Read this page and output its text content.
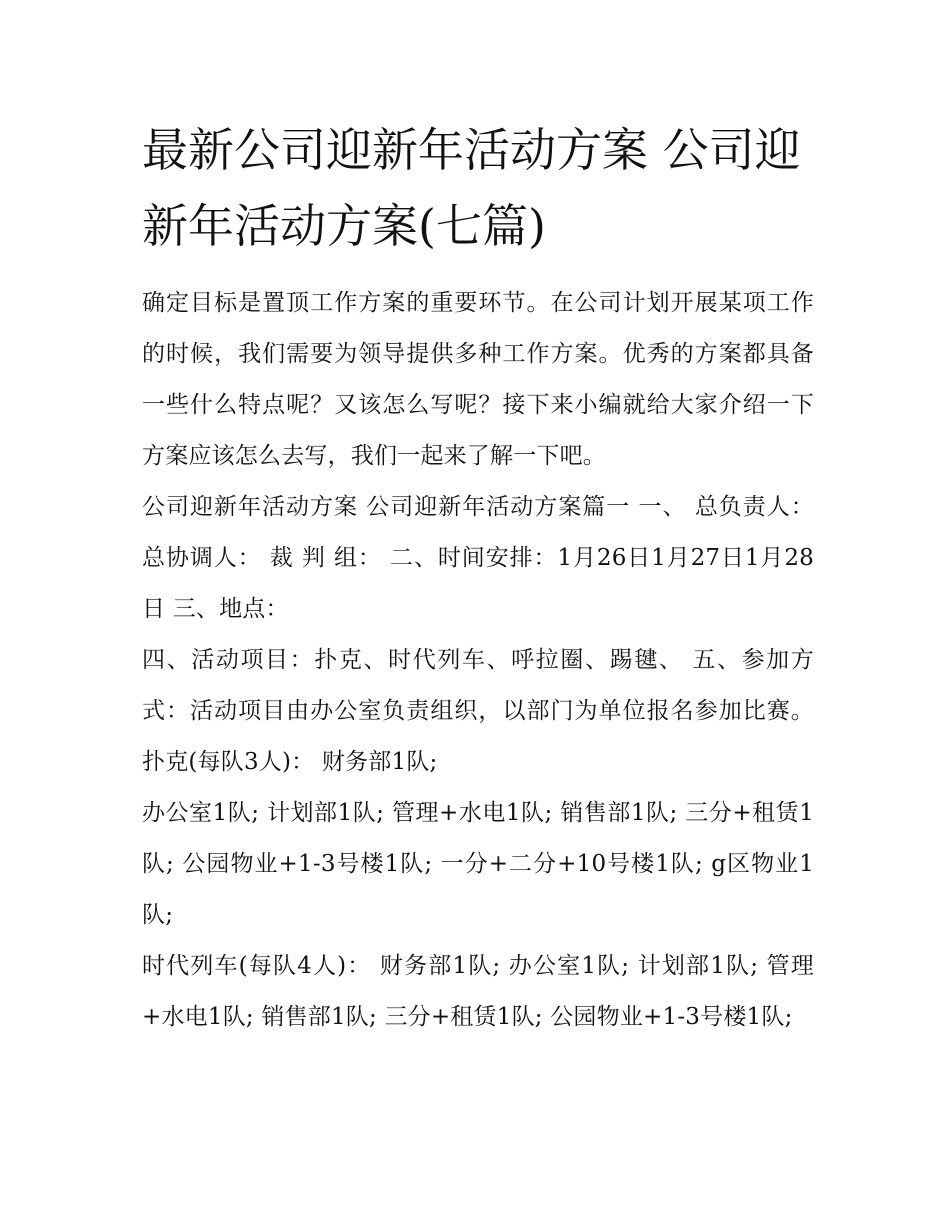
最新公司迎新年活动方案 公司迎新年活动方案(七篇)

确定目标是置顶工作方案的重要环节。在公司计划开展某项工作的时候，我们需要为领导提供多种工作方案。优秀的方案都具备一些什么特点呢？又该怎么写呢？接下来小编就给大家介绍一下方案应该怎么去写，我们一起来了解一下吧。

公司迎新年活动方案 公司迎新年活动方案篇一 一、 总负责人： 总协调人： 裁 判 组： 二、时间安排：1月26日1月27日1月28日 三、地点：

四、活动项目：扑克、时代列车、呼拉圈、踢毽、 五、参加方式：活动项目由办公室负责组织，以部门为单位报名参加比赛。 扑克(每队3人)： 财务部1队;

办公室1队; 计划部1队; 管理+水电1队; 销售部1队; 三分+租赁1队; 公园物业+1-3号楼1队; 一分+二分+10号楼1队; g区物业1队;

时代列车(每队4人)： 财务部1队; 办公室1队; 计划部1队; 管理+水电1队; 销售部1队; 三分+租赁1队; 公园物业+1-3号楼1队;
